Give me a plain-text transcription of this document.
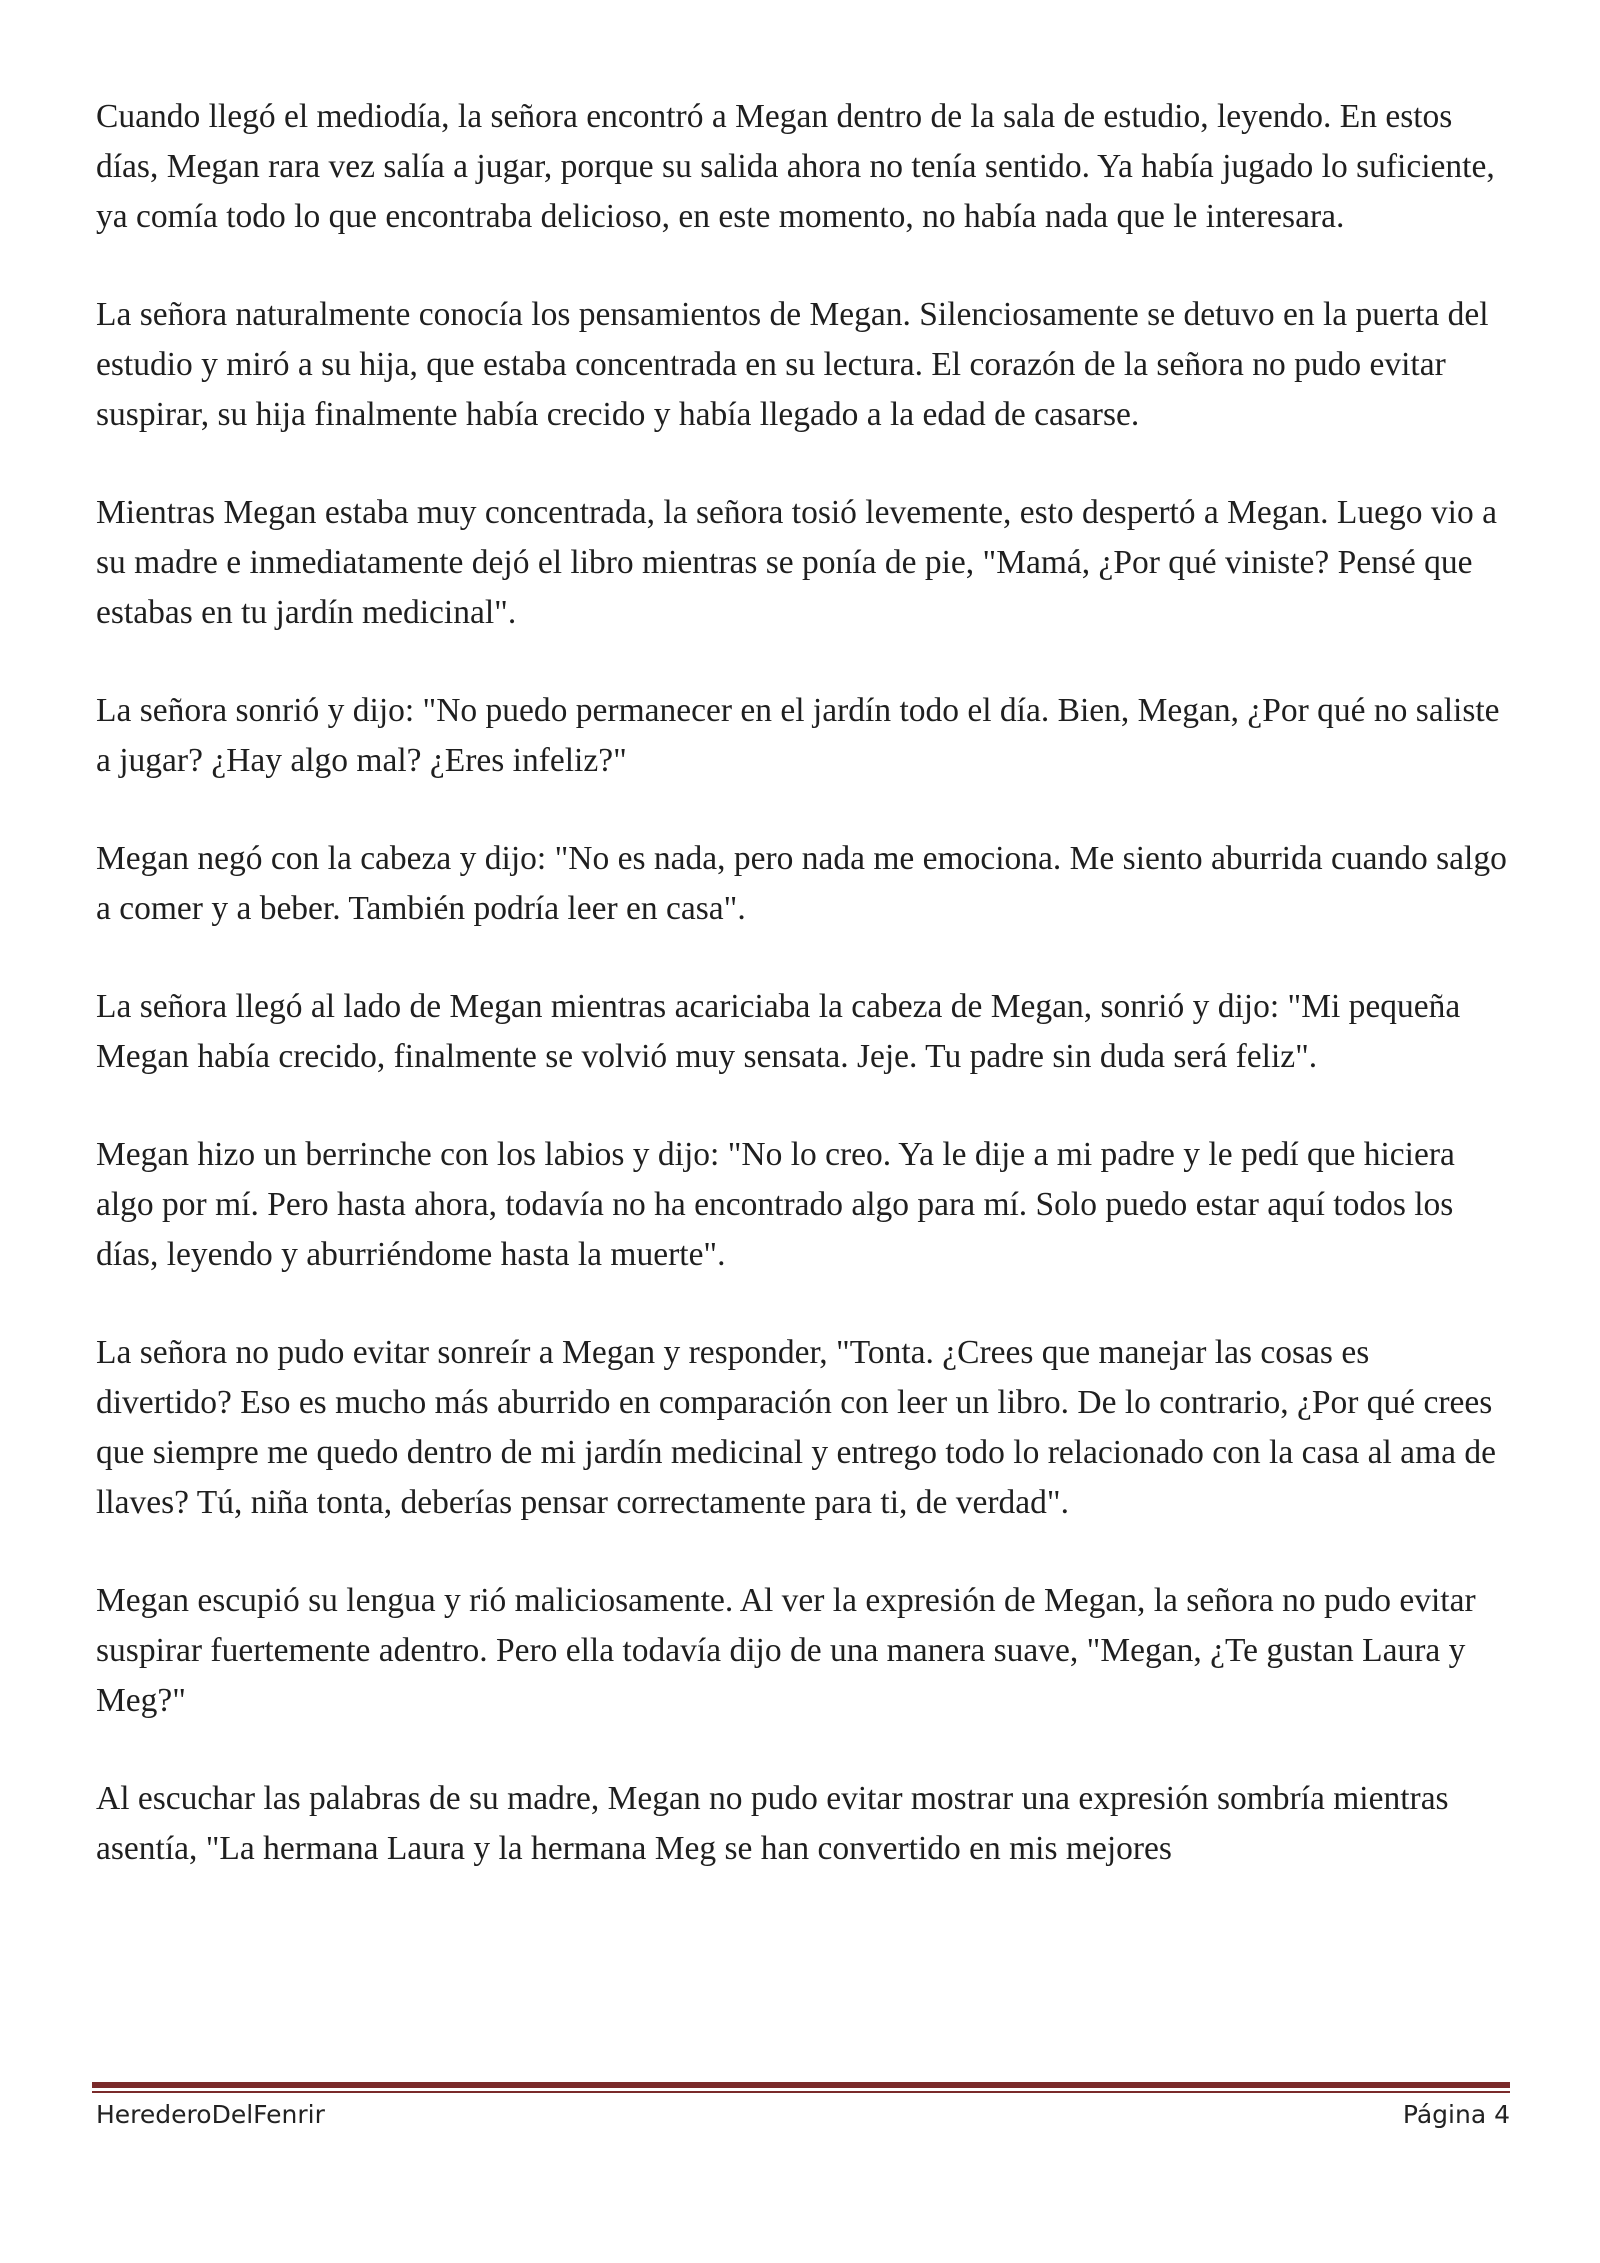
Cuando llegó el mediodía, la señora encontró a Megan dentro de la sala de estudio, leyendo. En estos días, Megan rara vez salía a jugar, porque su salida ahora no tenía sentido. Ya había jugado lo suficiente, ya comía todo lo que encontraba delicioso, en este momento, no había nada que le interesara.

La señora naturalmente conocía los pensamientos de Megan. Silenciosamente se detuvo en la puerta del estudio y miró a su hija, que estaba concentrada en su lectura. El corazón de la señora no pudo evitar suspirar, su hija finalmente había crecido y había llegado a la edad de casarse.

Mientras Megan estaba muy concentrada, la señora tosió levemente, esto despertó a Megan. Luego vio a su madre e inmediatamente dejó el libro mientras se ponía de pie, "Mamá, ¿Por qué viniste? Pensé que estabas en tu jardín medicinal".

La señora sonrió y dijo: "No puedo permanecer en el jardín todo el día. Bien, Megan, ¿Por qué no saliste a jugar? ¿Hay algo mal? ¿Eres infeliz?"

Megan negó con la cabeza y dijo: "No es nada, pero nada me emociona. Me siento aburrida cuando salgo a comer y a beber. También podría leer en casa".

La señora llegó al lado de Megan mientras acariciaba la cabeza de Megan, sonrió y dijo: "Mi pequeña Megan había crecido, finalmente se volvió muy sensata. Jeje. Tu padre sin duda será feliz".

Megan hizo un berrinche con los labios y dijo: "No lo creo. Ya le dije a mi padre y le pedí que hiciera algo por mí. Pero hasta ahora, todavía no ha encontrado algo para mí. Solo puedo estar aquí todos los días, leyendo y aburriéndome hasta la muerte".

La señora no pudo evitar sonreír a Megan y responder, "Tonta. ¿Crees que manejar las cosas es divertido? Eso es mucho más aburrido en comparación con leer un libro. De lo contrario, ¿Por qué crees que siempre me quedo dentro de mi jardín medicinal y entrego todo lo relacionado con la casa al ama de llaves? Tú, niña tonta, deberías pensar correctamente para ti, de verdad".

Megan escupió su lengua y rió maliciosamente. Al ver la expresión de Megan, la señora no pudo evitar suspirar fuertemente adentro. Pero ella todavía dijo de una manera suave, "Megan, ¿Te gustan Laura y Meg?"

Al escuchar las palabras de su madre, Megan no pudo evitar mostrar una expresión sombría mientras asentía, "La hermana Laura y la hermana Meg se han convertido en mis mejores

HerederoDelFenrir	Página 4
